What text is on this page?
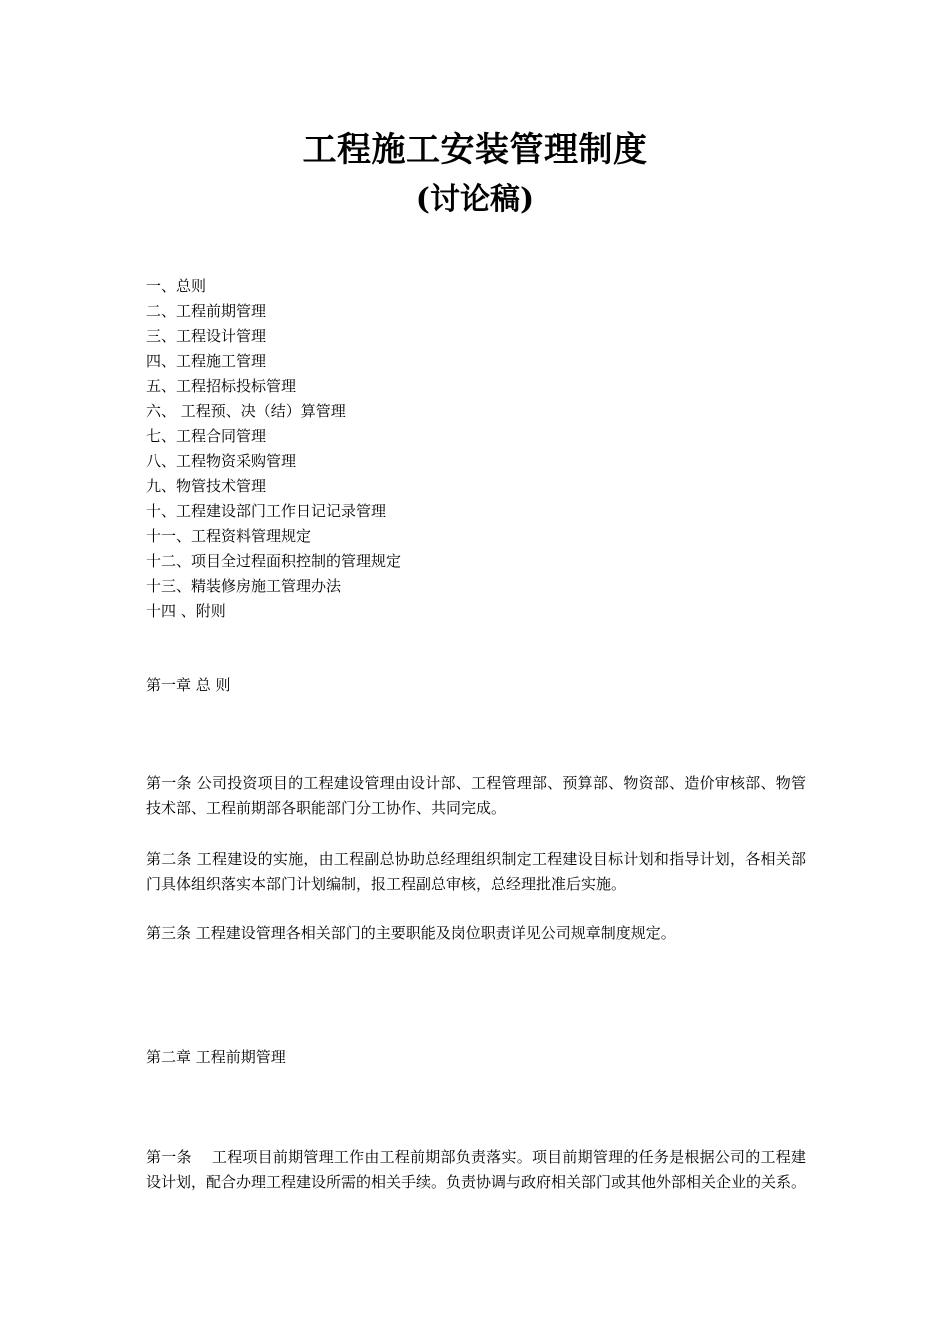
工程施工安装管理制度
(讨论稿)
一、总则
二、工程前期管理
三、工程设计管理
四、工程施工管理
五、工程招标投标管理
六、 工程预、决（结）算管理
七、工程合同管理
八、工程物资采购管理
九、物管技术管理
十、工程建设部门工作日记记录管理
十一、工程资料管理规定
十二、项目全过程面积控制的管理规定
十三、精装修房施工管理办法
十四 、附则

第一章 总 则

第一条 公司投资项目的工程建设管理由设计部、工程管理部、预算部、物资部、造价审核部、物管技术部、工程前期部各职能部门分工协作、共同完成。

第二条 工程建设的实施，由工程副总协助总经理组织制定工程建设目标计划和指导计划，各相关部门具体组织落实本部门计划编制，报工程副总审核，总经理批准后实施。

第三条 工程建设管理各相关部门的主要职能及岗位职责详见公司规章制度规定。

第二章 工程前期管理

第一条　 工程项目前期管理工作由工程前期部负责落实。项目前期管理的任务是根据公司的工程建设计划，配合办理工程建设所需的相关手续。负责协调与政府相关部门或其他外部相关企业的关系。
